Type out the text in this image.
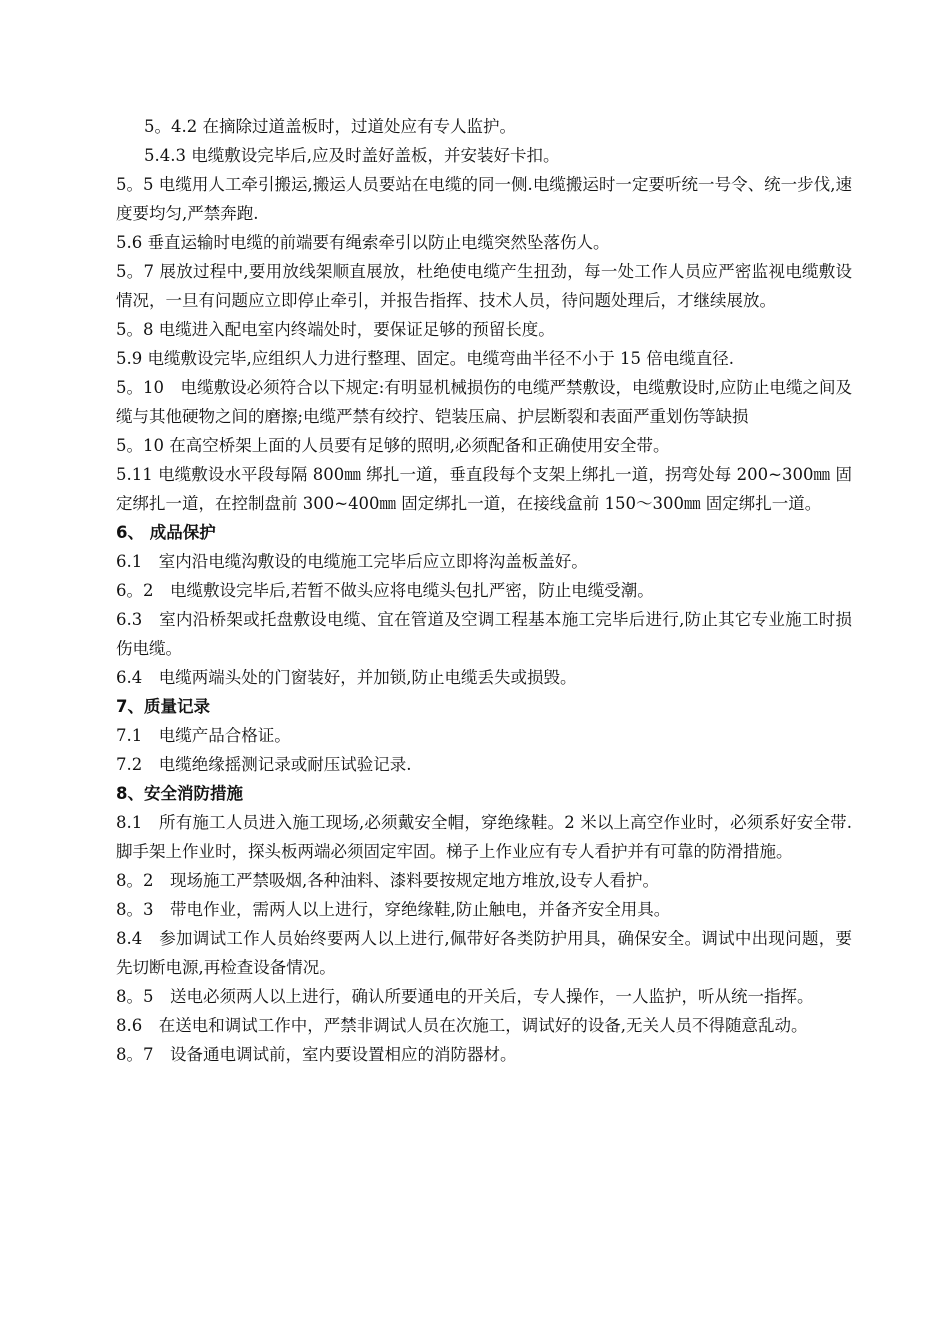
5。4.2 在摘除过道盖板时，过道处应有专人监护。

5.4.3 电缆敷设完毕后,应及时盖好盖板，并安装好卡扣。

5。5 电缆用人工牵引搬运,搬运人员要站在电缆的同一侧.电缆搬运时一定要听统一号令、统一步伐,速度要均匀,严禁奔跑.

5.6 垂直运输时电缆的前端要有绳索牵引以防止电缆突然坠落伤人。

5。7 展放过程中,要用放线架顺直展放，杜绝使电缆产生扭劲，每一处工作人员应严密监视电缆敷设情况，一旦有问题应立即停止牵引，并报告指挥、技术人员，待问题处理后，才继续展放。

5。8 电缆进入配电室内终端处时，要保证足够的预留长度。

5.9 电缆敷设完毕,应组织人力进行整理、固定。电缆弯曲半径不小于 15 倍电缆直径.

5。10　电缆敷设必须符合以下规定:有明显机械损伤的电缆严禁敷设，电缆敷设时,应防止电缆之间及缆与其他硬物之间的磨擦;电缆严禁有绞拧、铠装压扁、护层断裂和表面严重划伤等缺损

5。10 在高空桥架上面的人员要有足够的照明,必须配备和正确使用安全带。

5.11 电缆敷设水平段每隔 800㎜ 绑扎一道，垂直段每个支架上绑扎一道，拐弯处每 200~300㎜ 固定绑扎一道，在控制盘前 300~400㎜ 固定绑扎一道，在接线盒前 150～300㎜ 固定绑扎一道。

6、 成品保护

6.1　室内沿电缆沟敷设的电缆施工完毕后应立即将沟盖板盖好。

6。2　电缆敷设完毕后,若暂不做头应将电缆头包扎严密，防止电缆受潮。

6.3　室内沿桥架或托盘敷设电缆、宜在管道及空调工程基本施工完毕后进行,防止其它专业施工时损伤电缆。

6.4　电缆两端头处的门窗装好，并加锁,防止电缆丢失或损毁。

7、质量记录

7.1　电缆产品合格证。

7.2　电缆绝缘摇测记录或耐压试验记录.

8、安全消防措施

8.1　所有施工人员进入施工现场,必须戴安全帽，穿绝缘鞋。2 米以上高空作业时，必须系好安全带.脚手架上作业时，探头板两端必须固定牢固。梯子上作业应有专人看护并有可靠的防滑措施。

8。2　现场施工严禁吸烟,各种油料、漆料要按规定地方堆放,设专人看护。

8。3　带电作业，需两人以上进行，穿绝缘鞋,防止触电，并备齐安全用具。

8.4　参加调试工作人员始终要两人以上进行,佩带好各类防护用具，确保安全。调试中出现问题，要先切断电源,再检查设备情况。

8。5　送电必须两人以上进行，确认所要通电的开关后，专人操作，一人监护，听从统一指挥。

8.6　在送电和调试工作中，严禁非调试人员在次施工，调试好的设备,无关人员不得随意乱动。

8。7　设备通电调试前，室内要设置相应的消防器材。
